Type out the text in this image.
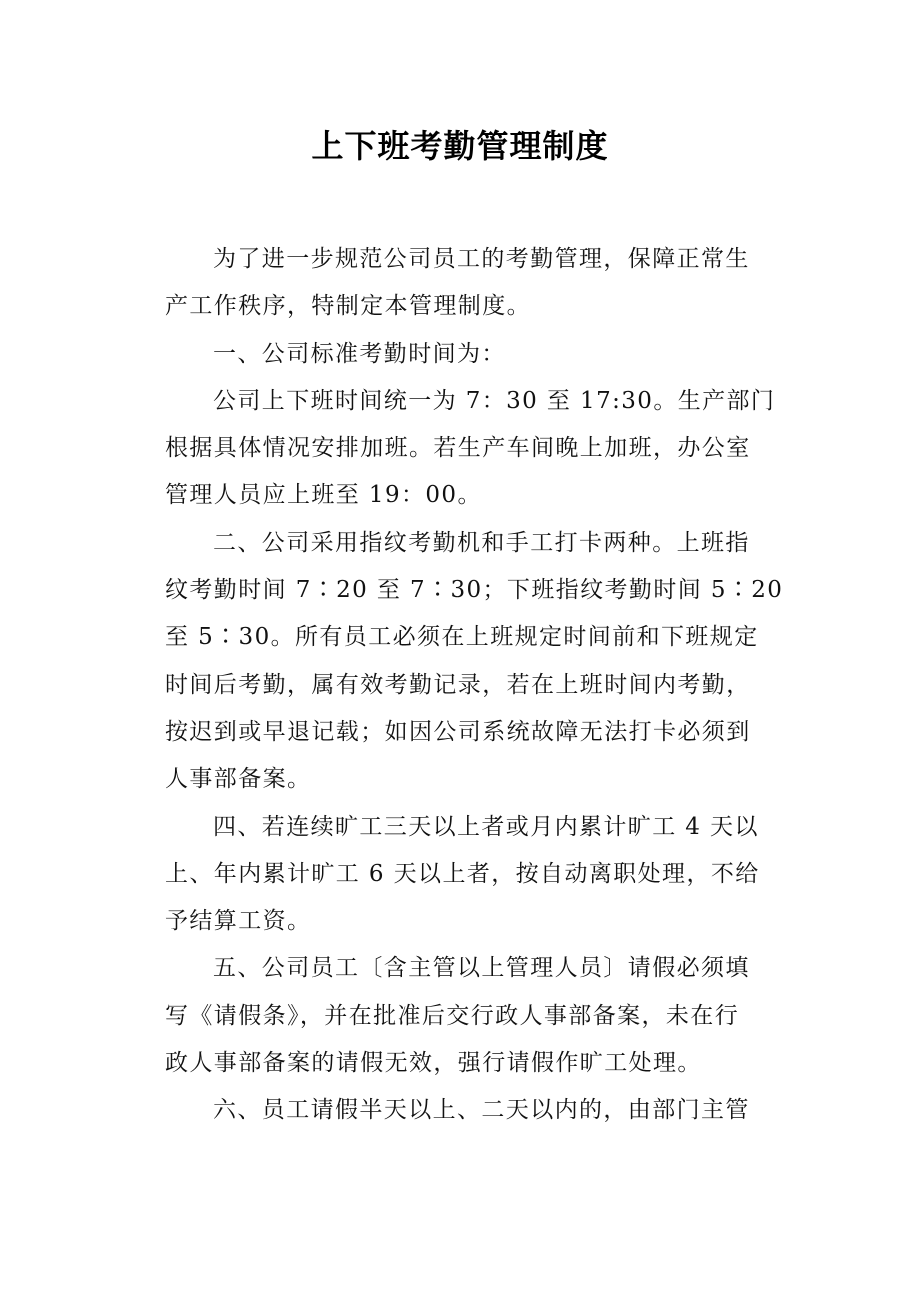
上下班考勤管理制度
为了进一步规范公司员工的考勤管理，保障正常生
产工作秩序，特制定本管理制度。
一、公司标准考勤时间为：
公司上下班时间统一为 7：30 至 17:30。生产部门
根据具体情况安排加班。若生产车间晚上加班，办公室
管理人员应上班至 19：00。
二、公司采用指纹考勤机和手工打卡两种。上班指
纹考勤时间 7∶20 至 7∶30；下班指纹考勤时间 5∶20
至 5∶30。所有员工必须在上班规定时间前和下班规定
时间后考勤，属有效考勤记录，若在上班时间内考勤，
按迟到或早退记载；如因公司系统故障无法打卡必须到
人事部备案。
四、若连续旷工三天以上者或月内累计旷工 4 天以
上、年内累计旷工 6 天以上者，按自动离职处理，不给
予结算工资。
五、公司员工〔含主管以上管理人员〕请假必须填
写《请假条》，并在批准后交行政人事部备案，未在行
政人事部备案的请假无效，强行请假作旷工处理。
六、员工请假半天以上、二天以内的，由部门主管
